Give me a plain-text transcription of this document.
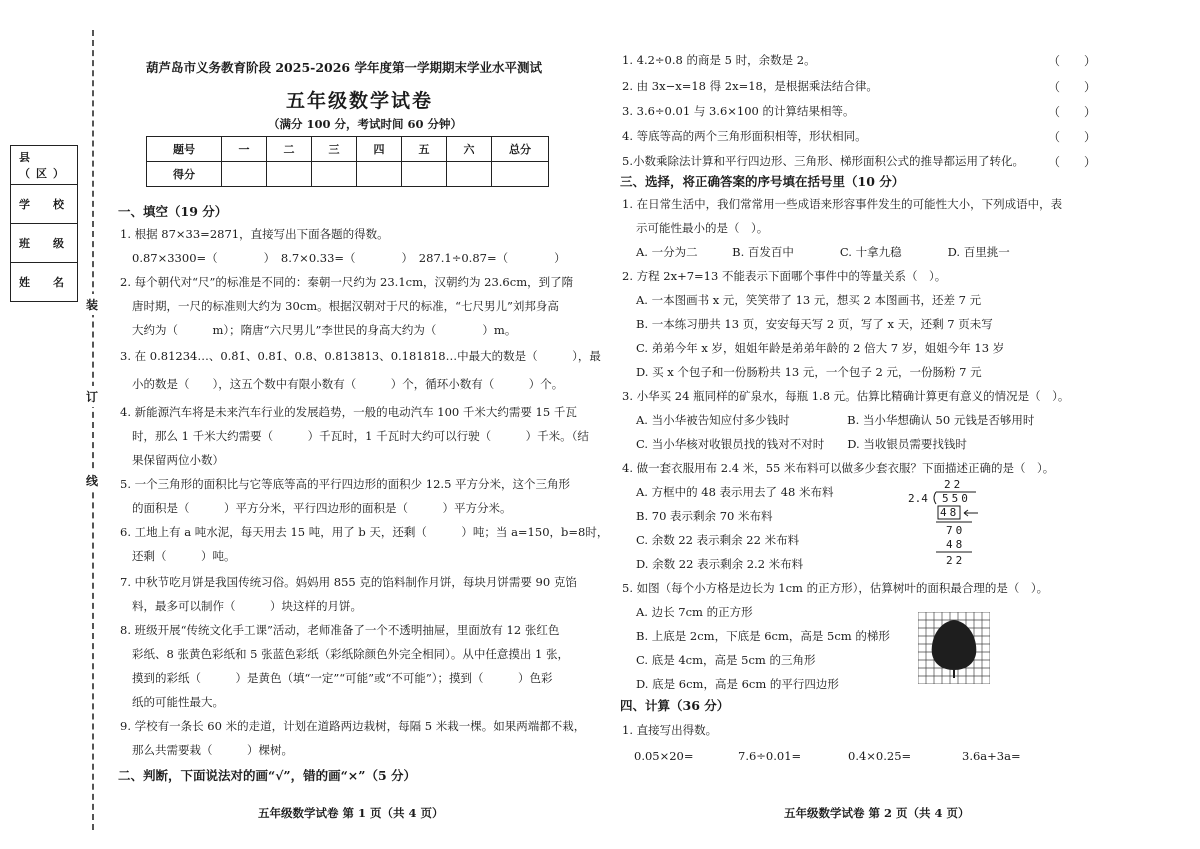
县（区）
学　校
班　级
姓　名
装
订
线
葫芦岛市义务教育阶段 2025-2026 学年度第一学期期末学业水平测试
五年级数学试卷
（满分 100 分，考试时间 60 分钟）
题号	一	二	三	四	五	六	总分
得分							
一、填空（19 分）
1. 根据 87×33=2871，直接写出下面各题的得数。
0.87×3300=（　　　　）　8.7×0.33=（　　　　）　287.1÷0.87=（　　　　）
2. 每个朝代对“尺”的标准是不同的：秦朝一尺约为 23.1cm，汉朝约为 23.6cm，到了隋
唐时期，一尺的标准则大约为 30cm。根据汉朝对于尺的标准，“七尺男儿”刘邦身高
大约为（　　　m）；隋唐“六尺男儿”李世民的身高大约为（　　　　）m。
3. 在 0.81234…、0.8̇1̇、0.81̇、0.8、0.813813、0.181818…中最大的数是（　　　），最
小的数是（　　），这五个数中有限小数有（　　　）个，循环小数有（　　　）个。
4. 新能源汽车将是未来汽车行业的发展趋势，一般的电动汽车 100 千米大约需要 15 千瓦
时，那么 1 千米大约需要（　　　）千瓦时，1 千瓦时大约可以行驶（　　　）千米。（结
果保留两位小数）
5. 一个三角形的面积比与它等底等高的平行四边形的面积少 12.5 平方分米，这个三角形
的面积是（　　　）平方分米，平行四边形的面积是（　　　）平方分米。
6. 工地上有 a 吨水泥，每天用去 15 吨，用了 b 天，还剩（　　　）吨；当 a=150，b=8时，
还剩（　　　）吨。
7. 中秋节吃月饼是我国传统习俗。妈妈用 855 克的馅料制作月饼，每块月饼需要 90 克馅
料，最多可以制作（　　　）块这样的月饼。
8. 班级开展“传统文化手工课”活动，老师准备了一个不透明抽屉，里面放有 12 张红色
彩纸、8 张黄色彩纸和 5 张蓝色彩纸（彩纸除颜色外完全相同）。从中任意摸出 1 张，
摸到的彩纸（　　　）是黄色（填“一定”“可能”或“不可能”）；摸到（　　　）色彩
纸的可能性最大。
9. 学校有一条长 60 米的走道，计划在道路两边栽树，每隔 5 米栽一棵。如果两端都不栽，
那么共需要栽（　　　）棵树。
二、判断，下面说法对的画“√”，错的画“×”（5 分）
1. 4.2÷0.8 的商是 5 时，余数是 2。
2. 由 3x−x=18 得 2x=18，是根据乘法结合律。
3. 3.6÷0.01 与 3.6×100 的计算结果相等。
4. 等底等高的两个三角形面积相等，形状相同。
5.小数乘除法计算和平行四边形、三角形、梯形面积公式的推导都运用了转化。
（　　）
（　　）
（　　）
（　　）
（　　）
三、选择，将正确答案的序号填在括号里（10 分）
1. 在日常生活中，我们常常用一些成语来形容事件发生的可能性大小，下列成语中，表
示可能性最小的是（　）。
A. 一分为二　　　B. 百发百中　　　　C. 十拿九稳　　　　D. 百里挑一
2. 方程 2x+7=13 不能表示下面哪个事件中的等量关系（　）。
A. 一本图画书 x 元，笑笑带了 13 元，想买 2 本图画书，还差 7 元
B. 一本练习册共 13 页，安安每天写 2 页，写了 x 天，还剩 7 页未写
C. 弟弟今年 x 岁，姐姐年龄是弟弟年龄的 2 倍大 7 岁，姐姐今年 13 岁
D. 买 x 个包子和一份肠粉共 13 元，一个包子 2 元，一份肠粉 7 元
3. 小华买 24 瓶同样的矿泉水，每瓶 1.8 元。估算比精确计算更有意义的情况是（　）。
A. 当小华被告知应付多少钱时　　　　　B. 当小华想确认 50 元钱是否够用时
C. 当小华核对收银员找的钱对不对时　　D. 当收银员需要找钱时
4. 做一套衣服用布 2.4 米，55 米布料可以做多少套衣服？下面描述正确的是（　）。
A. 方框中的 48 表示用去了 48 米布料
B. 70 表示剩余 70 米布料
C. 余数 22 表示剩余 22 米布料
D. 余数 22 表示剩余 2.2 米布料
5. 如图（每个小方格是边长为 1cm 的正方形），估算树叶的面积最合理的是（　）。
A. 边长 7cm 的正方形
B. 上底是 2cm，下底是 6cm，高是 5cm 的梯形
C. 底是 4cm，高是 5cm 的三角形
D. 底是 6cm，高是 6cm 的平行四边形
22
2.4 550
48
70
48
22
四、计算（36 分）
1. 直接写出得数。
0.05×20=	7.6÷0.01=	0.4×0.25=	3.6a+3a=
五年级数学试卷 第 1 页（共 4 页）	五年级数学试卷 第 2 页（共 4 页）
